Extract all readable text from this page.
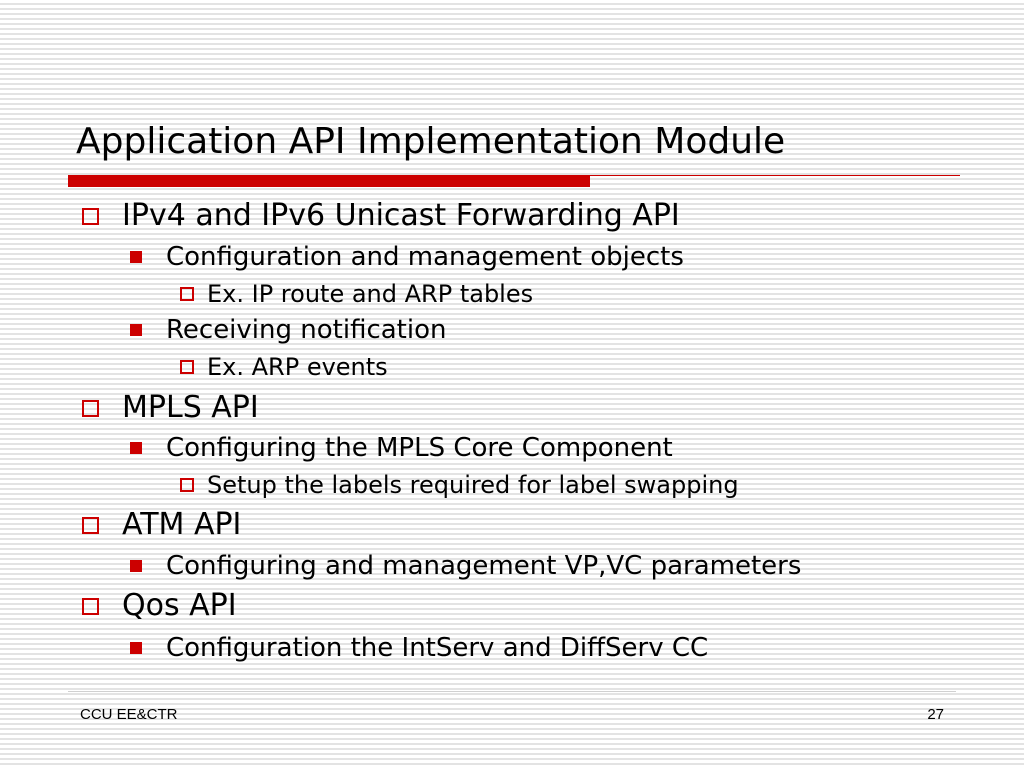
Application API Implementation Module
IPv4 and IPv6 Unicast Forwarding API
Configuration and management objects
Ex. IP route and ARP tables
Receiving notification
Ex. ARP events
MPLS API
Configuring the MPLS Core Component
Setup the labels required for label swapping
ATM API
Configuring and management VP,VC parameters
Qos API
Configuration the IntServ and DiffServ CC
CCU EE&CTR	27
